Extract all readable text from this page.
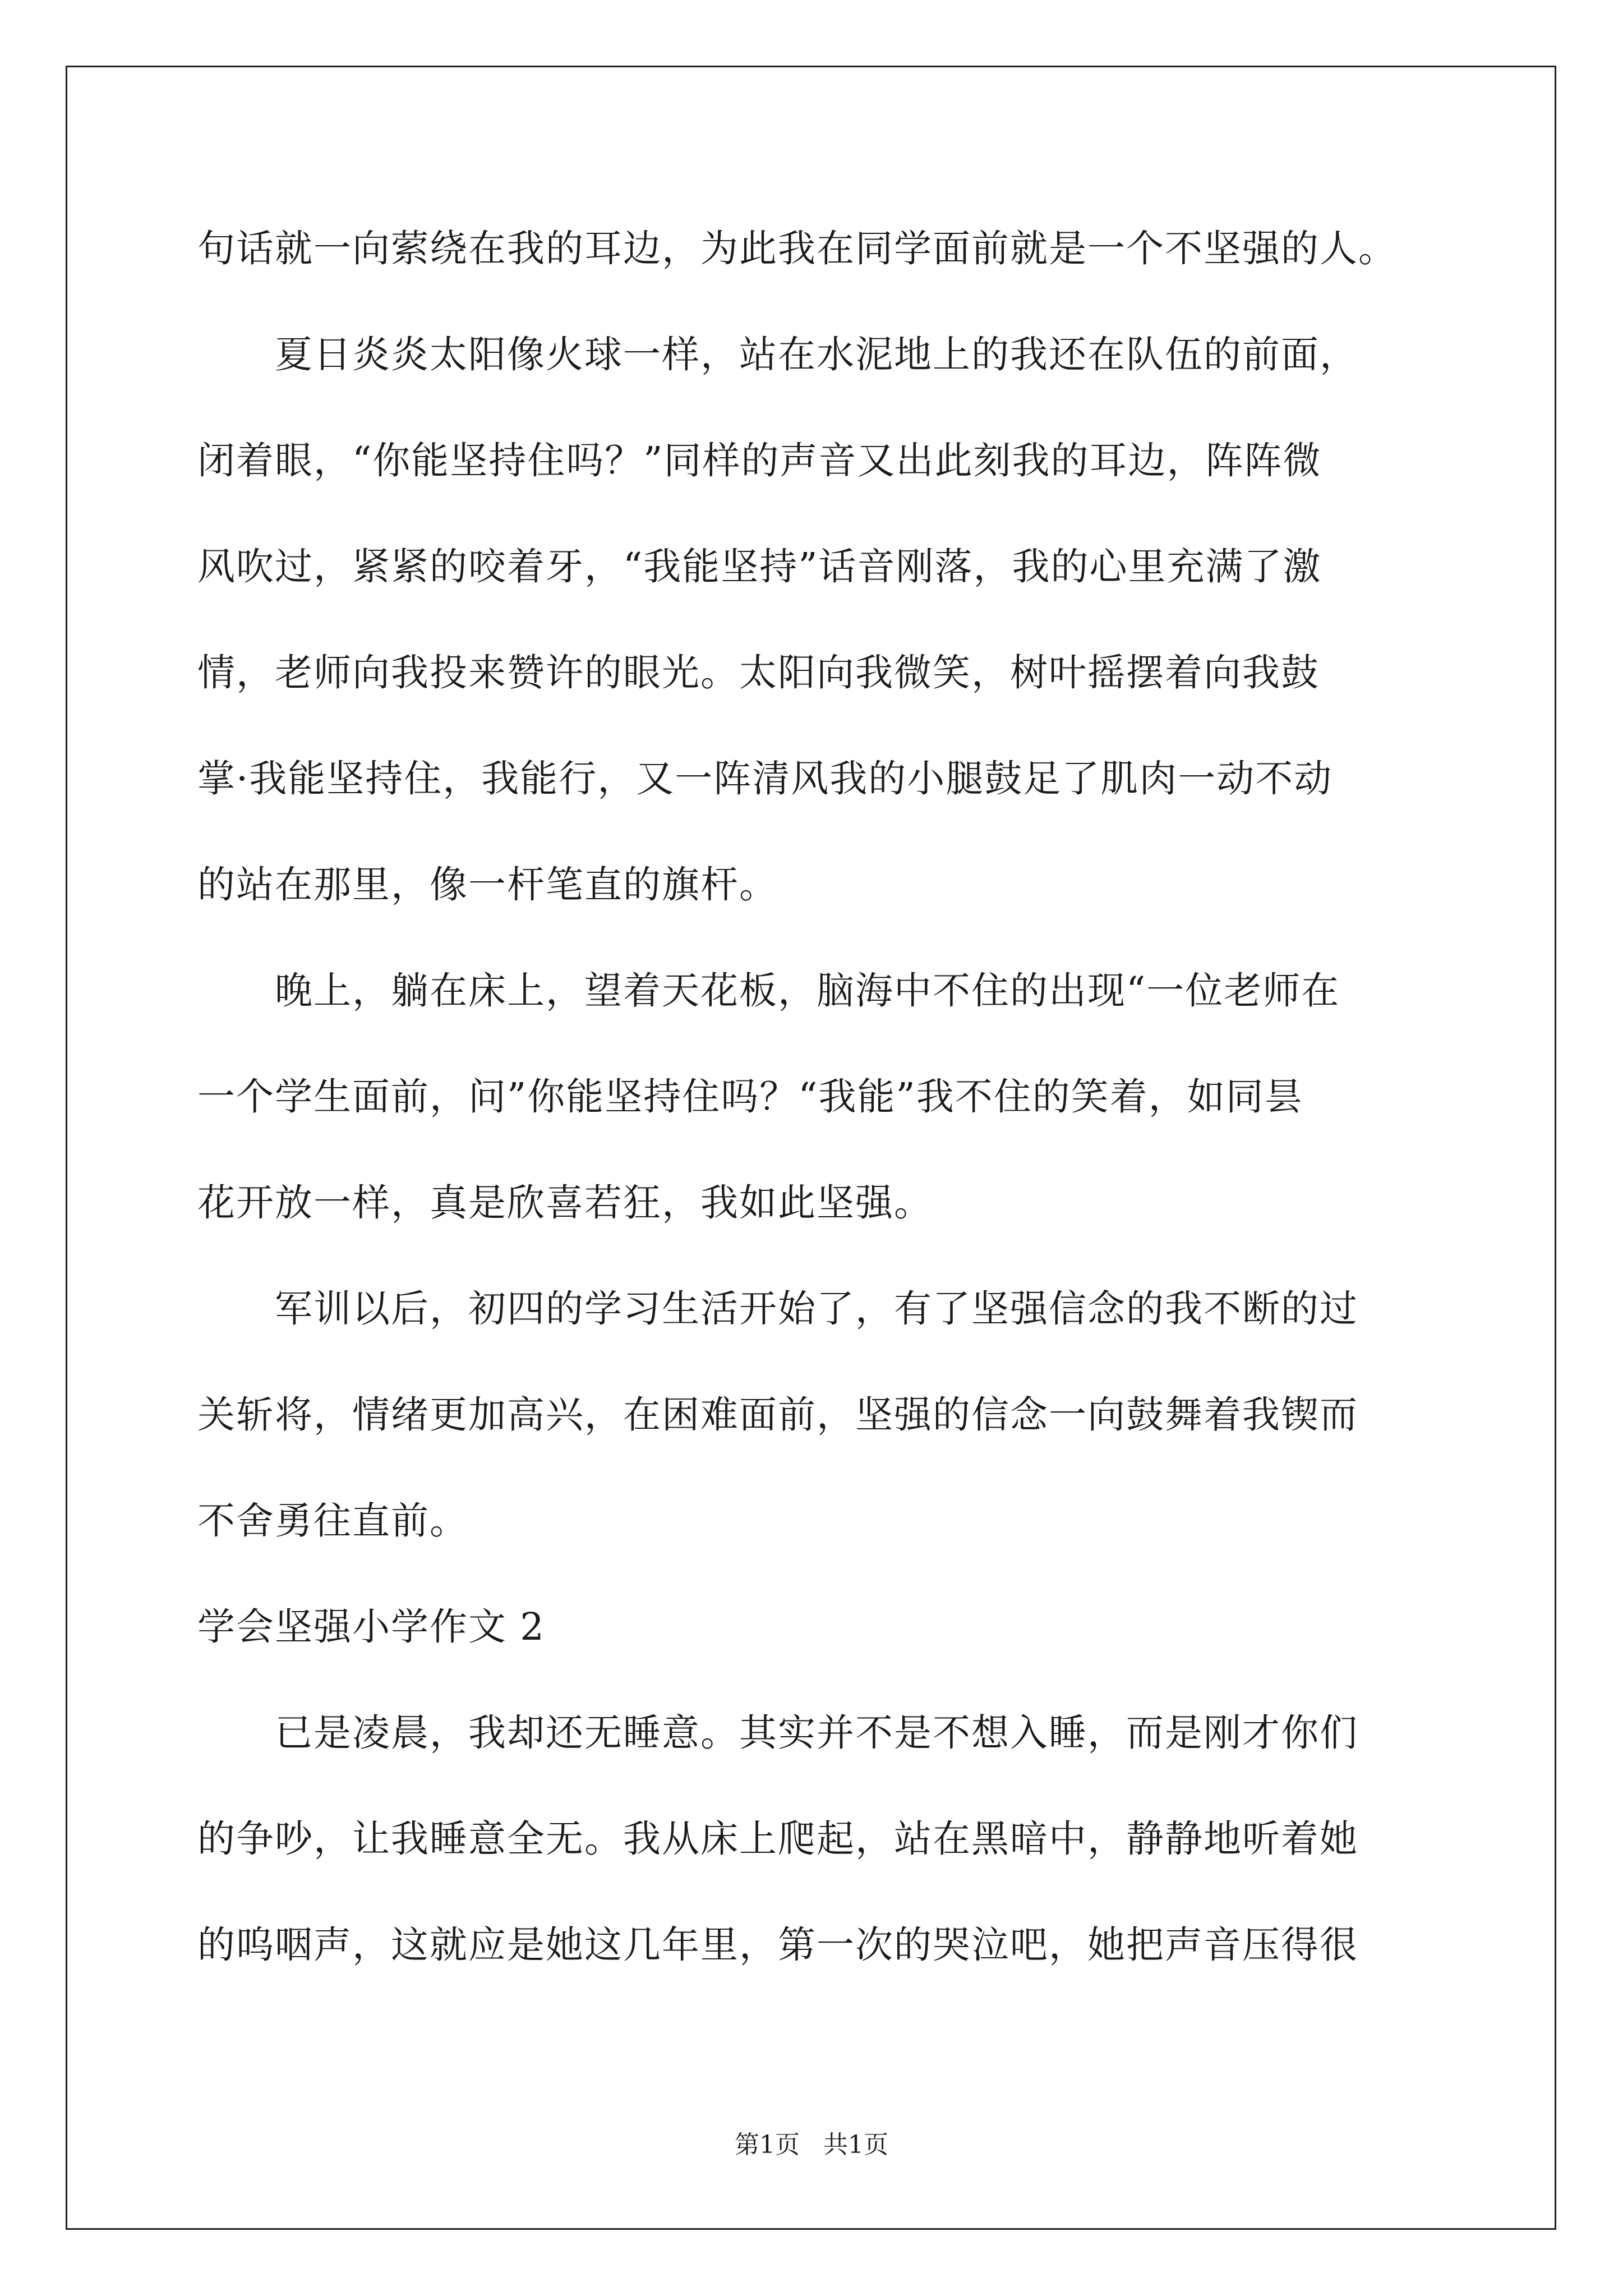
句话就一向萦绕在我的耳边，为此我在同学面前就是一个不坚强的人。
　　夏日炎炎太阳像火球一样，站在水泥地上的我还在队伍的前面，
闭着眼，“你能坚持住吗？”同样的声音又出此刻我的耳边，阵阵微
风吹过，紧紧的咬着牙，“我能坚持”话音刚落，我的心里充满了激
情，老师向我投来赞许的眼光。太阳向我微笑，树叶摇摆着向我鼓
掌·我能坚持住，我能行，又一阵清风我的小腿鼓足了肌肉一动不动
的站在那里，像一杆笔直的旗杆。
　　晚上，躺在床上，望着天花板，脑海中不住的出现“一位老师在
一个学生面前，问”你能坚持住吗？“我能”我不住的笑着，如同昙
花开放一样，真是欣喜若狂，我如此坚强。
　　军训以后，初四的学习生活开始了，有了坚强信念的我不断的过
关斩将，情绪更加高兴，在困难面前，坚强的信念一向鼓舞着我锲而
不舍勇往直前。
学会坚强小学作文 2
　　已是凌晨，我却还无睡意。其实并不是不想入睡，而是刚才你们
的争吵，让我睡意全无。我从床上爬起，站在黑暗中，静静地听着她
的呜咽声，这就应是她这几年里，第一次的哭泣吧，她把声音压得很
第1页   共1页
